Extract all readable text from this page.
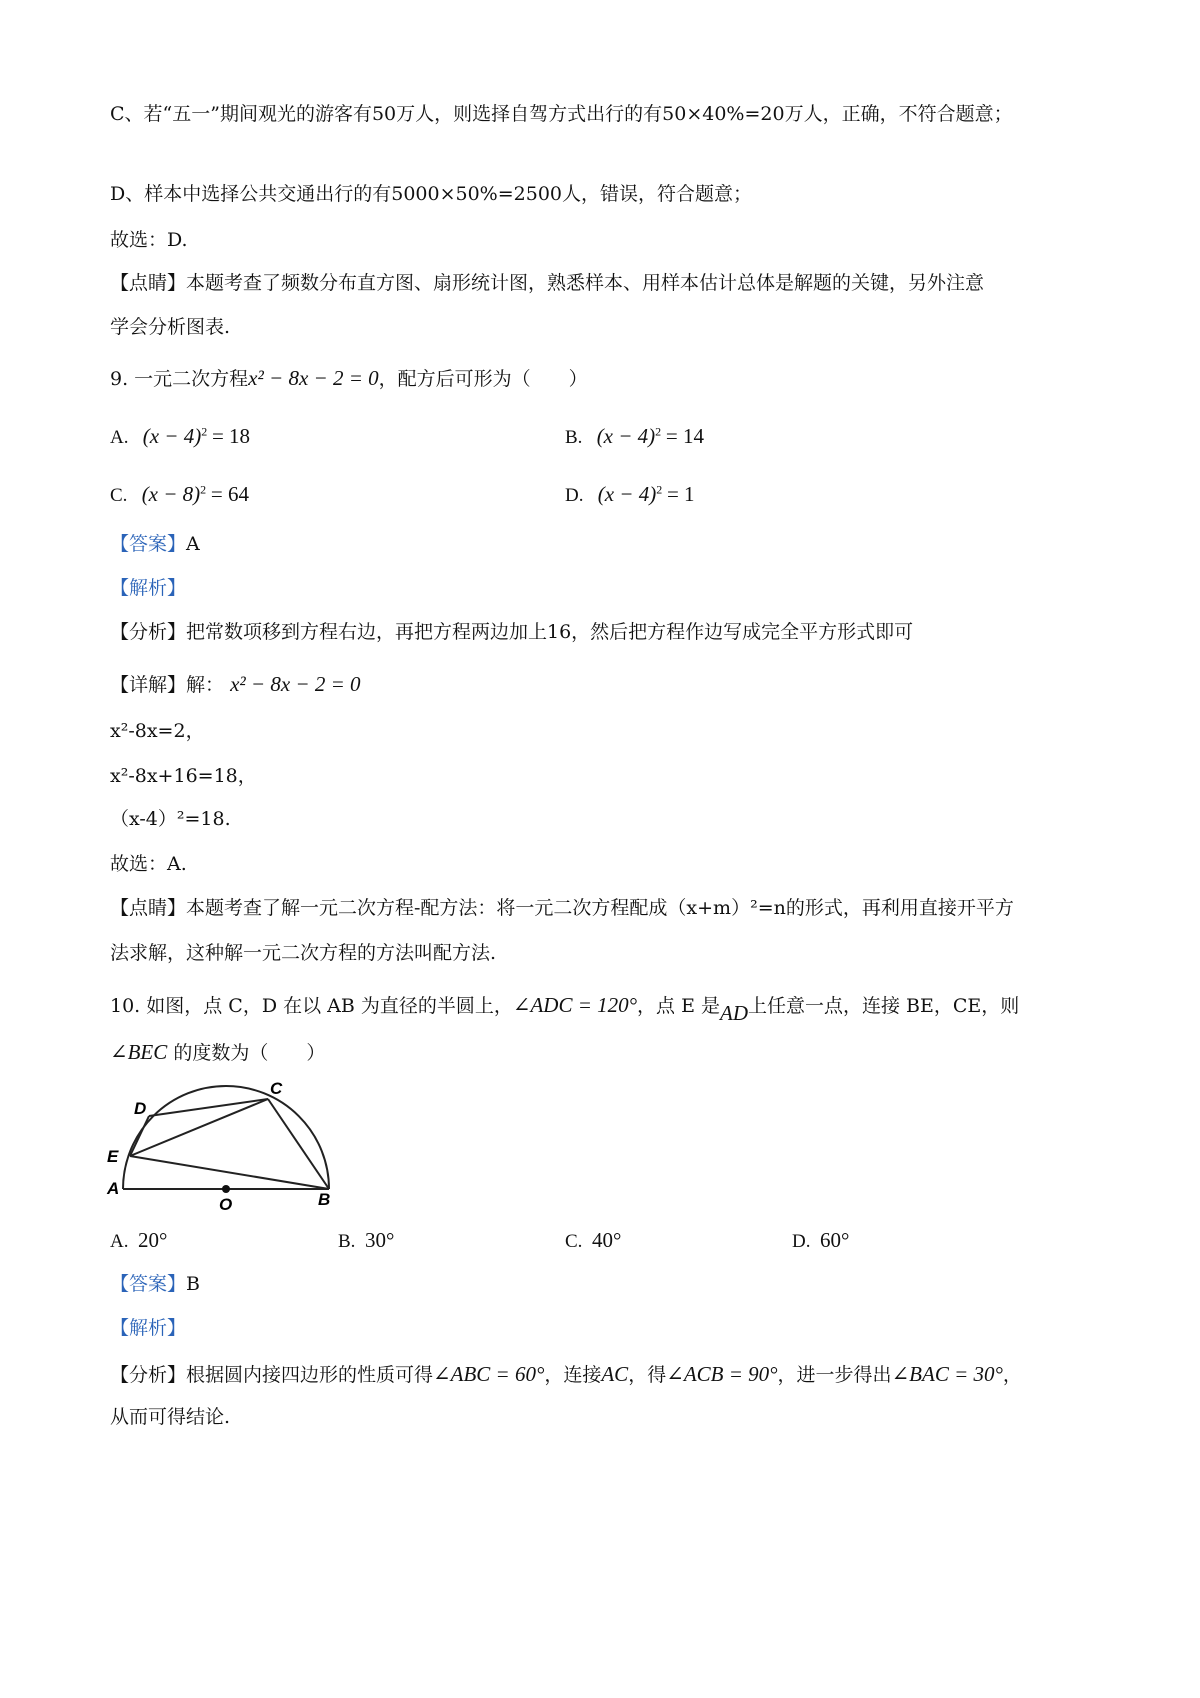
C、若“五一”期间观光的游客有50万人，则选择自驾方式出行的有50×40%=20万人，正确，不符合题意；
D、样本中选择公共交通出行的有5000×50%=2500人，错误，符合题意；
故选：D.
【点睛】本题考查了频数分布直方图、扇形统计图，熟悉样本、用样本估计总体是解题的关键，另外注意
学会分析图表.
9. 一元二次方程x² − 8x − 2 = 0，配方后可形为（　　）
A. $(x - 4)^2 = 18$	B. $(x - 4)^2 = 14$
C. $(x - 8)^2 = 64$	D. $(x - 4)^2 = 1$
【答案】A
【解析】
【分析】把常数项移到方程右边，再把方程两边加上16，然后把方程作边写成完全平方形式即可
【详解】解： x² − 8x − 2 = 0
x²-8x=2，
x²-8x+16=18，
（x-4）²=18.
故选：A.
【点睛】本题考查了解一元二次方程-配方法：将一元二次方程配成（x+m）²=n的形式，再利用直接开平方
法求解，这种解一元二次方程的方法叫配方法.
10. 如图，点 C，D 在以 AB 为直径的半圆上，∠ADC = 120°，点 E 是AD上任意一点，连接 BE，CE，则
∠BEC 的度数为（　　）
D
C
E
A
O	B
A. 20°	B. 30°	C. 40°	D. 60°
【答案】B
【解析】
【分析】根据圆内接四边形的性质可得∠ABC = 60°，连接AC，得∠ACB = 90°，进一步得出∠BAC = 30°，
从而可得结论.
